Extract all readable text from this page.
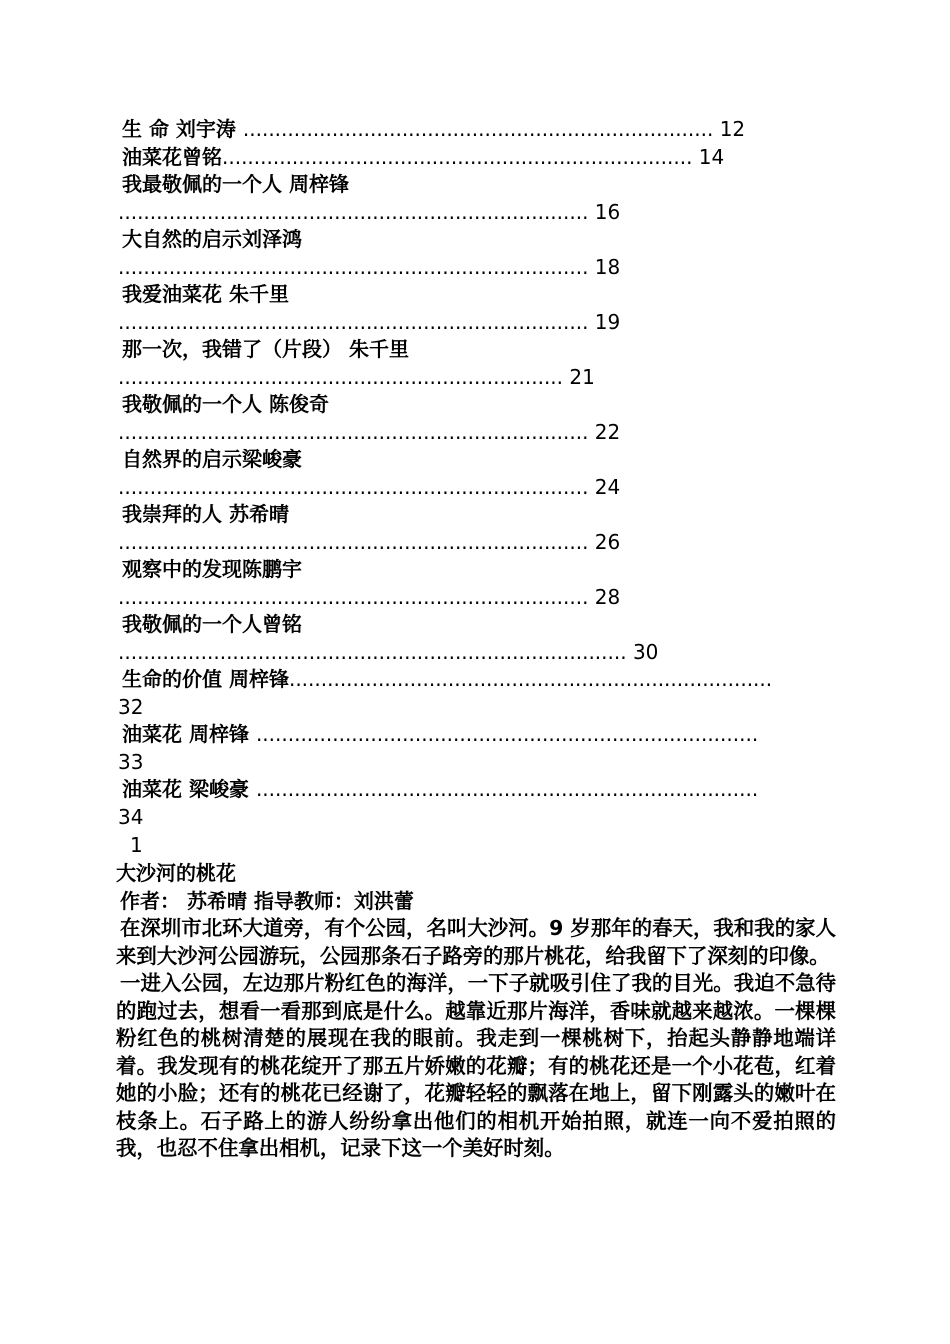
生 命 刘宇涛 .......................................................................... 12
油菜花曾铭.......................................................................... 14
我最敬佩的一个人 周梓锋
.......................................................................... 16
大自然的启示刘泽鸿
.......................................................................... 18
我爱油菜花 朱千里
.......................................................................... 19
那一次，我错了（片段） 朱千里
...................................................................... 21
我敬佩的一个人 陈俊奇
.......................................................................... 22
自然界的启示梁峻豪
.......................................................................... 24
我崇拜的人 苏希晴
.......................................................................... 26
观察中的发现陈鹏宇
.......................................................................... 28
我敬佩的一个人曾铭
................................................................................ 30
生命的价值 周梓锋............................................................................
32
油菜花 周梓锋 ...............................................................................
33
油菜花 梁峻豪 ...............................................................................
34
1
大沙河的桃花
作者： 苏希晴 指导教师：刘洪蕾

在深圳市北环大道旁，有个公园，名叫大沙河。9 岁那年的春天，我和我的家人来到大沙河公园游玩，公园那条石子路旁的那片桃花，给我留下了深刻的印像。

一进入公园，左边那片粉红色的海洋，一下子就吸引住了我的目光。我迫不急待的跑过去，想看一看那到底是什么。越靠近那片海洋，香味就越来越浓。一棵棵粉红色的桃树清楚的展现在我的眼前。我走到一棵桃树下，抬起头静静地端详着。我发现有的桃花绽开了那五片娇嫩的花瓣；有的桃花还是一个小花苞，红着她的小脸；还有的桃花已经谢了，花瓣轻轻的飘落在地上，留下刚露头的嫩叶在枝条上。石子路上的游人纷纷拿出他们的相机开始拍照，就连一向不爱拍照的我，也忍不住拿出相机，记录下这一个美好时刻。
